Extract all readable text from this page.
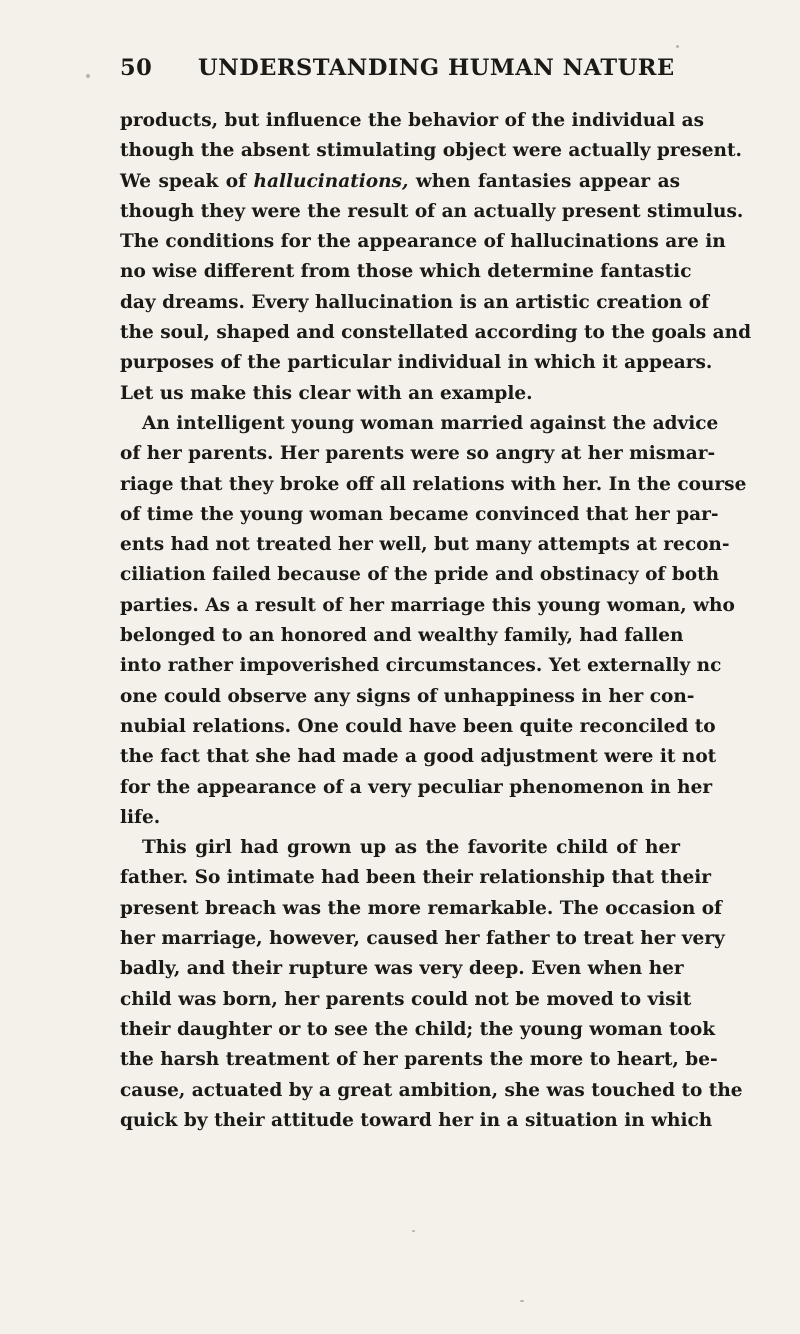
50 UNDERSTANDING HUMAN NATURE
products, but influence the behavior of the individual as
though the absent stimulating object were actually present.
We speak of hallucinations, when fantasies appear as
though they were the result of an actually present stimulus.
The conditions for the appearance of hallucinations are in
no wise different from those which determine fantastic
day dreams. Every hallucination is an artistic creation of
the soul, shaped and constellated according to the goals and
purposes of the particular individual in which it appears.
Let us make this clear with an example.
An intelligent young woman married against the advice
of her parents. Her parents were so angry at her mismar-
riage that they broke off all relations with her. In the course
of time the young woman became convinced that her par-
ents had not treated her well, but many attempts at recon-
ciliation failed because of the pride and obstinacy of both
parties. As a result of her marriage this young woman, who
belonged to an honored and wealthy family, had fallen
into rather impoverished circumstances. Yet externally nc
one could observe any signs of unhappiness in her con-
nubial relations. One could have been quite reconciled to
the fact that she had made a good adjustment were it not
for the appearance of a very peculiar phenomenon in her
life.
This girl had grown up as the favorite child of her
father. So intimate had been their relationship that their
present breach was the more remarkable. The occasion of
her marriage, however, caused her father to treat her very
badly, and their rupture was very deep. Even when her
child was born, her parents could not be moved to visit
their daughter or to see the child; the young woman took
the harsh treatment of her parents the more to heart, be-
cause, actuated by a great ambition, she was touched to the
quick by their attitude toward her in a situation in which
